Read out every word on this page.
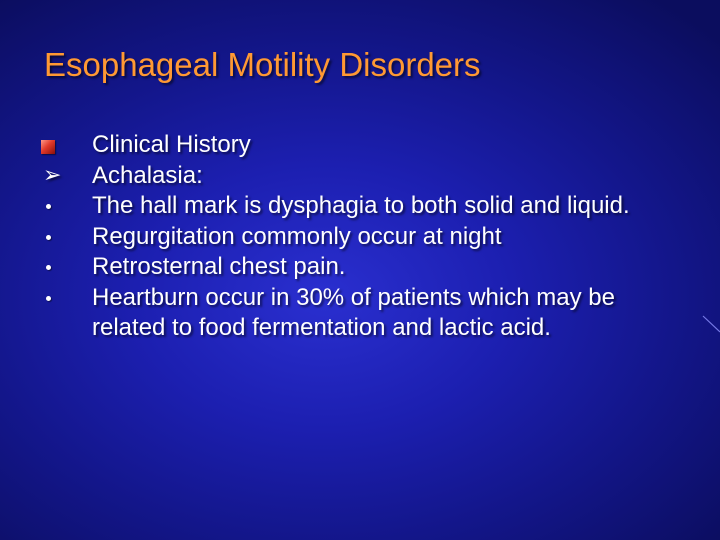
Esophageal Motility Disorders
Clinical History
➢ Achalasia:
The hall mark is dysphagia to both solid and liquid.
Regurgitation commonly occur at night
Retrosternal chest pain.
Heartburn occur in 30% of patients which may be related to food fermentation and lactic acid.
